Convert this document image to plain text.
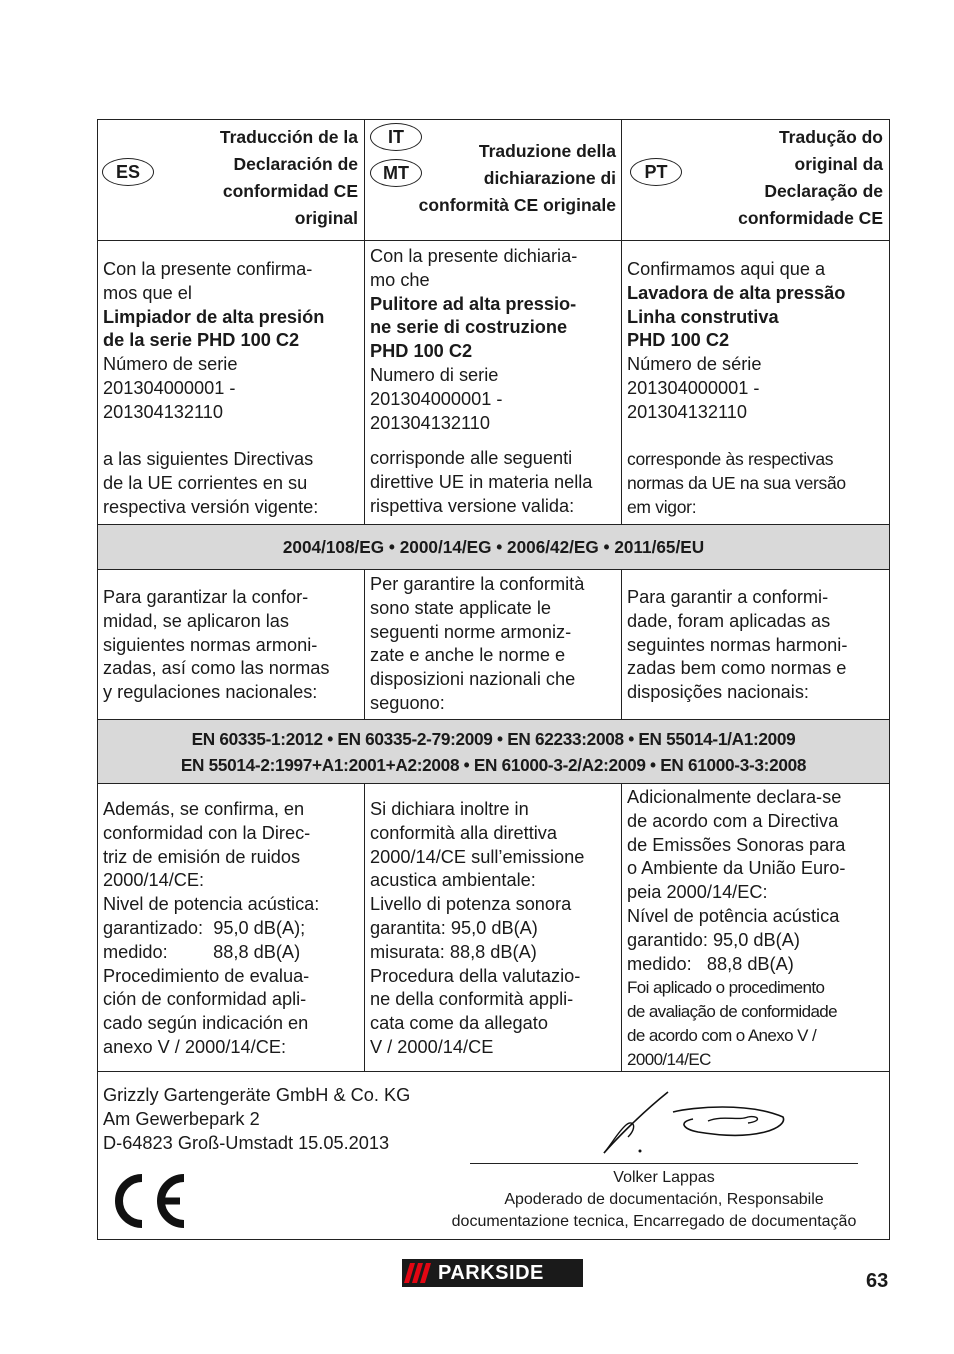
ES
Traducción de la
Declaración de
conformidad CE
original
IT
MT
Traduzione della
dichiarazione di
conformità CE originale
PT
Tradução do
original da
Declaração de
conformidade CE
Con la presente confirma-
mos que el
Limpiador de alta presión
de la serie PHD 100 C2
Número de serie
201304000001 -
201304132110
a las siguientes Directivas
de la UE corrientes en su
respectiva versión vigente:
Con la presente dichiaria-
mo che
Pulitore ad alta pressio-
ne serie di costruzione
PHD 100 C2
Numero di serie
201304000001 -
201304132110
corrisponde alle seguenti
direttive UE in materia nella
rispettiva versione valida:
Confirmamos aqui que a
Lavadora de alta pressão
Linha construtiva
PHD 100 C2
Número de série
201304000001 -
201304132110
corresponde às respectivas
normas da UE na sua versão
em vigor:
2004/108/EG • 2000/14/EG • 2006/42/EG • 2011/65/EU
Para garantizar la confor-
midad, se aplicaron las
siguientes normas armoni-
zadas, así como las normas
y regulaciones nacionales:
Per garantire la conformità
sono state applicate le
seguenti norme armoniz-
zate e anche le norme e
disposizioni nazionali che
seguono:
Para garantir a conformi-
dade, foram aplicadas as
seguintes normas harmoni-
zadas bem como normas e
disposições nacionais:
EN 60335-1:2012 • EN 60335-2-79:2009 • EN 62233:2008 • EN 55014-1/A1:2009
EN 55014-2:1997+A1:2001+A2:2008 • EN 61000-3-2/A2:2009 • EN 61000-3-3:2008
Además, se confirma, en
conformidad con la Direc-
triz de emisión de ruidos
2000/14/CE:
Nivel de potencia acústica:
garantizado:  95,0 dB(A);
medido:         88,8 dB(A)
Procedimiento de evalua-
ción de conformidad apli-
cado según indicación en
anexo V / 2000/14/CE:
Si dichiara inoltre in
conformità alla direttiva
2000/14/CE sull’emissione
acustica ambientale:
Livello di potenza sonora
garantita: 95,0 dB(A)
misurata: 88,8 dB(A)
Procedura della valutazio-
ne della conformità appli-
cata come da allegato
V / 2000/14/CE
Adicionalmente declara-se
de acordo com a Directiva
de Emissões Sonoras para
o Ambiente da União Euro-
peia 2000/14/EC:
Nível de potência acústica
garantido: 95,0 dB(A)
medido:   88,8 dB(A)
Foi aplicado o procedimento
de avaliação de conformidade
de acordo com o Anexo V /
2000/14/EC
Grizzly Gartengeräte GmbH & Co. KG
Am Gewerbepark 2
D-64823 Groß-Umstadt 15.05.2013
Volker Lappas
Apoderado de documentación, Responsabile
documentazione tecnica, Encarregado de documentação
PARKSIDE	63
